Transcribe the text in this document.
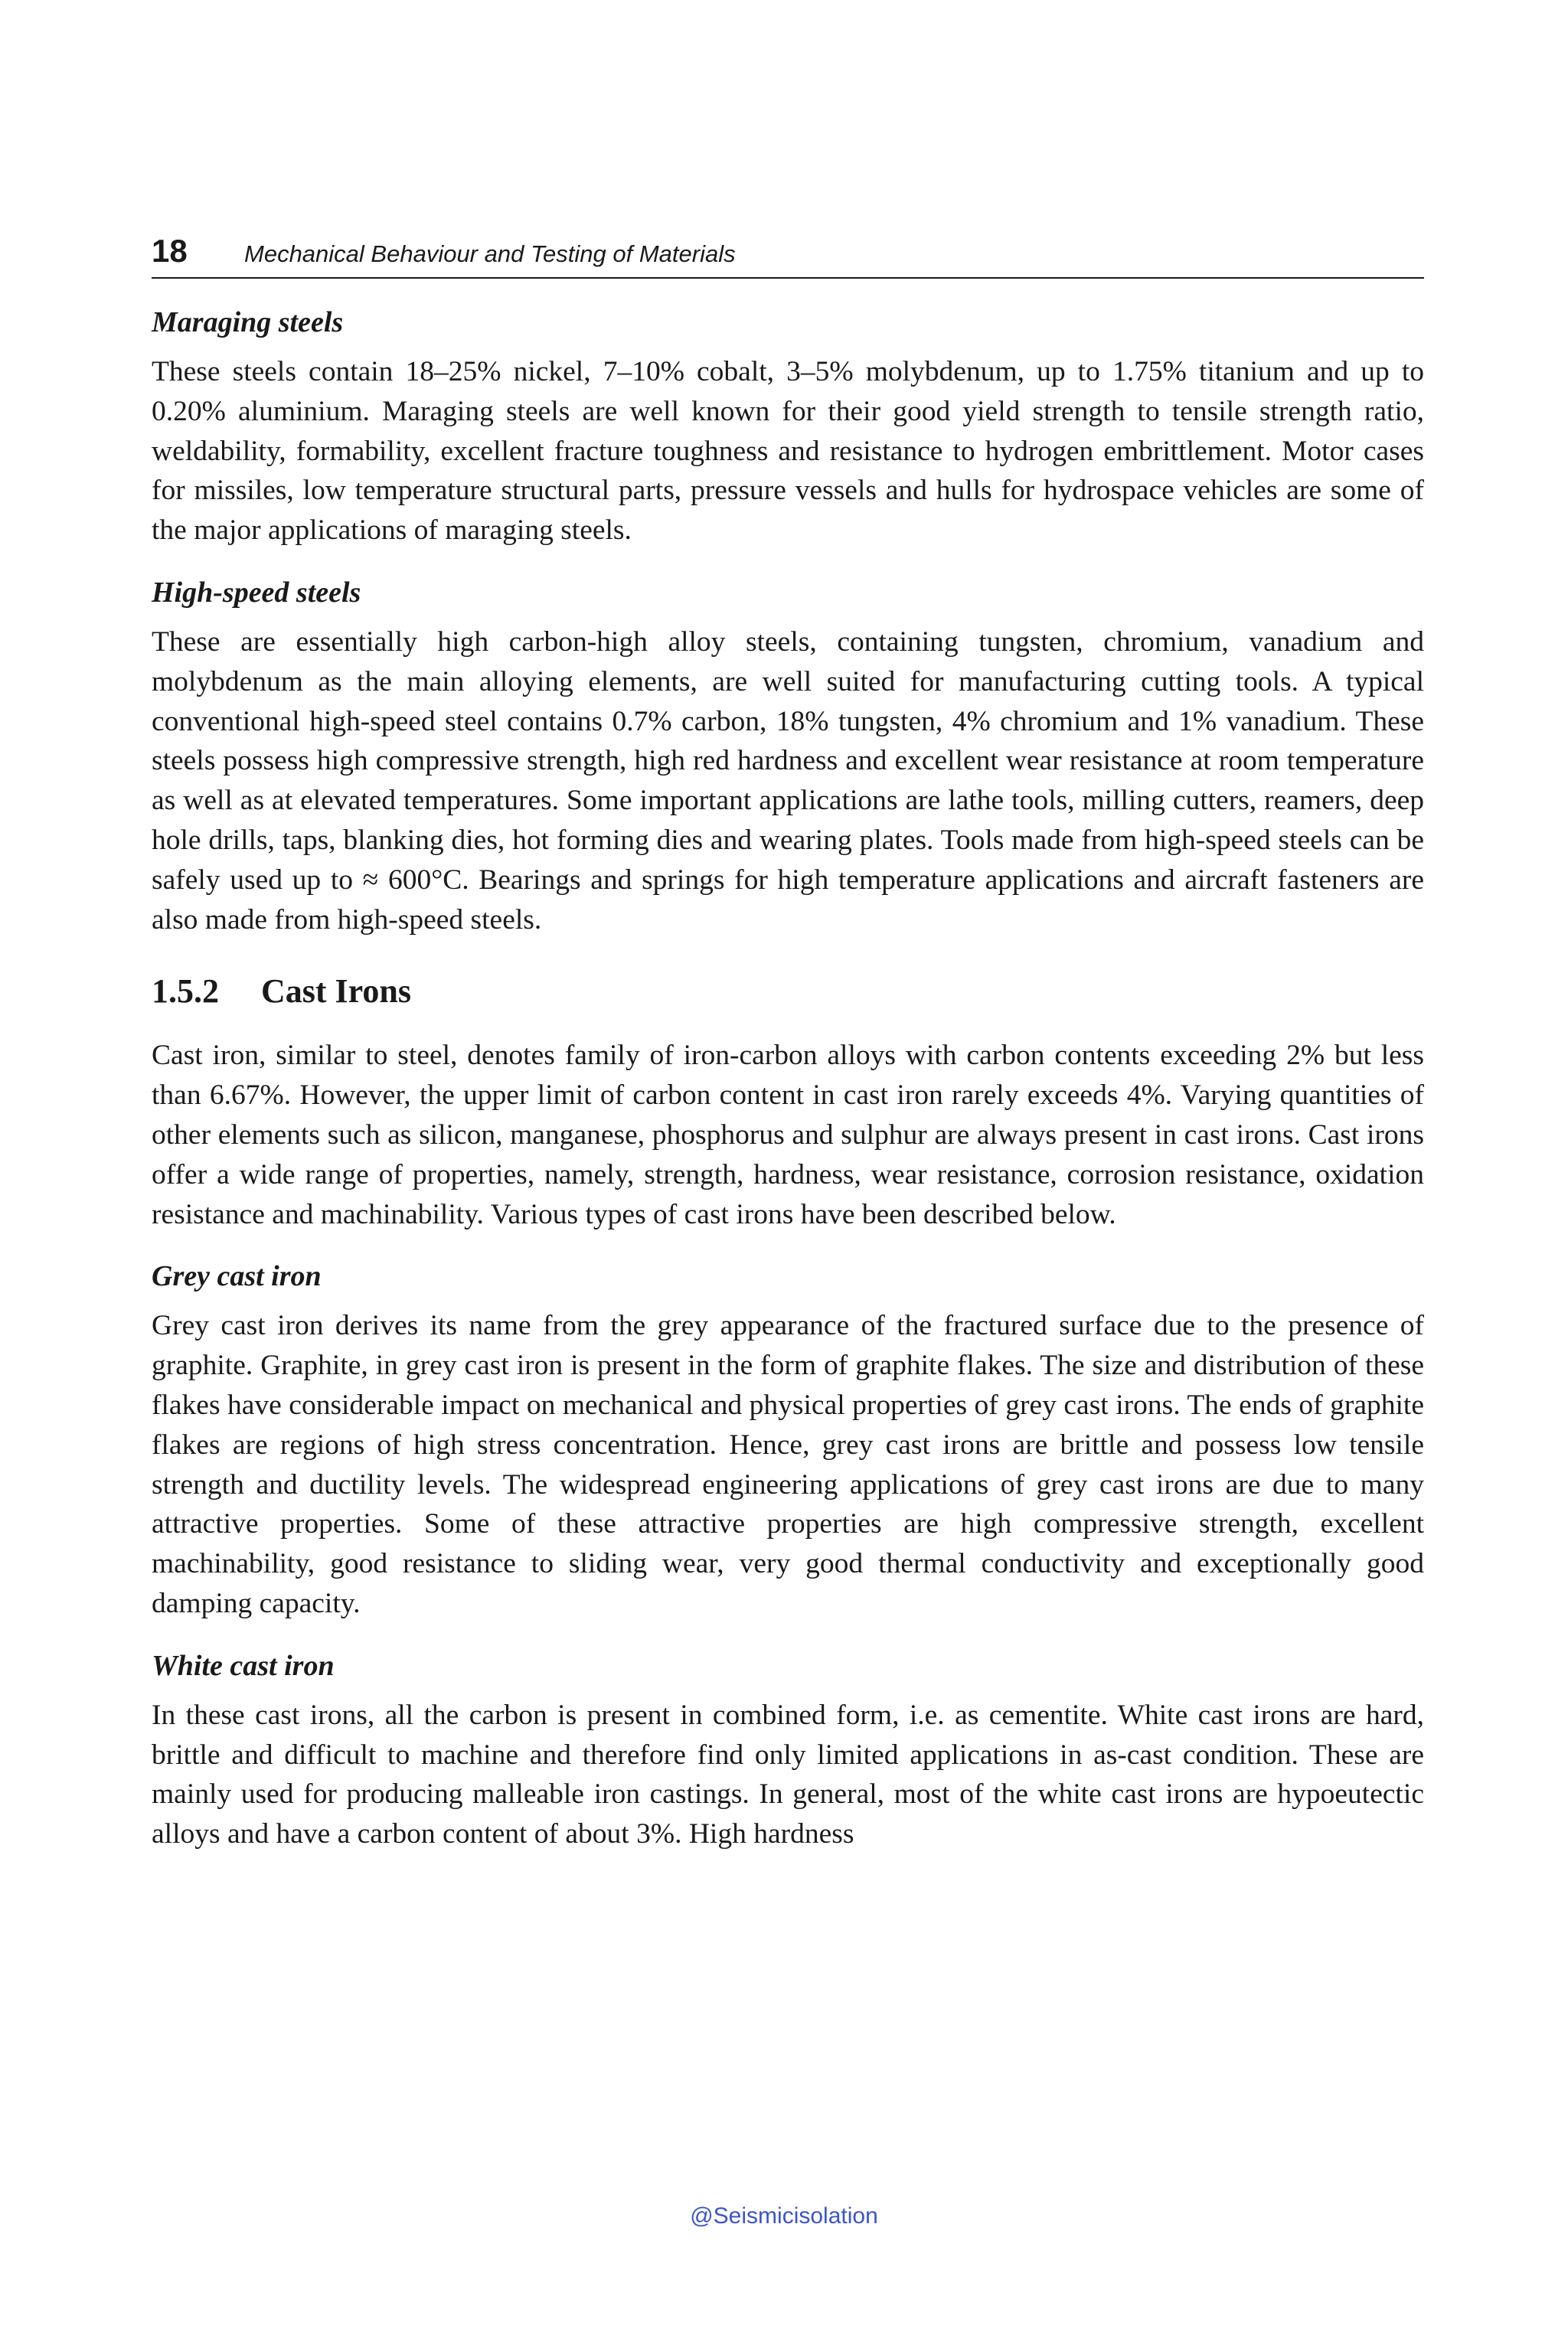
18 Mechanical Behaviour and Testing of Materials
Maraging steels

These steels contain 18–25% nickel, 7–10% cobalt, 3–5% molybdenum, up to 1.75% titanium and up to 0.20% aluminium. Maraging steels are well known for their good yield strength to tensile strength ratio, weldability, formability, excellent fracture toughness and resistance to hydrogen embrittlement. Motor cases for missiles, low temperature structural parts, pressure vessels and hulls for hydrospace vehicles are some of the major applications of maraging steels.

High-speed steels

These are essentially high carbon-high alloy steels, containing tungsten, chromium, vanadium and molybdenum as the main alloying elements, are well suited for manufacturing cutting tools. A typical conventional high-speed steel contains 0.7% carbon, 18% tungsten, 4% chromium and 1% vanadium. These steels possess high compressive strength, high red hardness and excellent wear resistance at room temperature as well as at elevated temperatures. Some important applications are lathe tools, milling cutters, reamers, deep hole drills, taps, blanking dies, hot forming dies and wearing plates. Tools made from high-speed steels can be safely used up to ≈ 600°C. Bearings and springs for high temperature applications and aircraft fasteners are also made from high-speed steels.

1.5.2 Cast Irons

Cast iron, similar to steel, denotes family of iron-carbon alloys with carbon contents exceeding 2% but less than 6.67%. However, the upper limit of carbon content in cast iron rarely exceeds 4%. Varying quantities of other elements such as silicon, manganese, phosphorus and sulphur are always present in cast irons. Cast irons offer a wide range of properties, namely, strength, hardness, wear resistance, corrosion resistance, oxidation resistance and machinability. Various types of cast irons have been described below.

Grey cast iron

Grey cast iron derives its name from the grey appearance of the fractured surface due to the presence of graphite. Graphite, in grey cast iron is present in the form of graphite flakes. The size and distribution of these flakes have considerable impact on mechanical and physical properties of grey cast irons. The ends of graphite flakes are regions of high stress concentration. Hence, grey cast irons are brittle and possess low tensile strength and ductility levels. The widespread engineering applications of grey cast irons are due to many attractive properties. Some of these attractive properties are high compressive strength, excellent machinability, good resistance to sliding wear, very good thermal conductivity and exceptionally good damping capacity.

White cast iron

In these cast irons, all the carbon is present in combined form, i.e. as cementite. White cast irons are hard, brittle and difficult to machine and therefore find only limited applications in as-cast condition. These are mainly used for producing malleable iron castings. In general, most of the white cast irons are hypoeutectic alloys and have a carbon content of about 3%. High hardness

@Seismicisolation
